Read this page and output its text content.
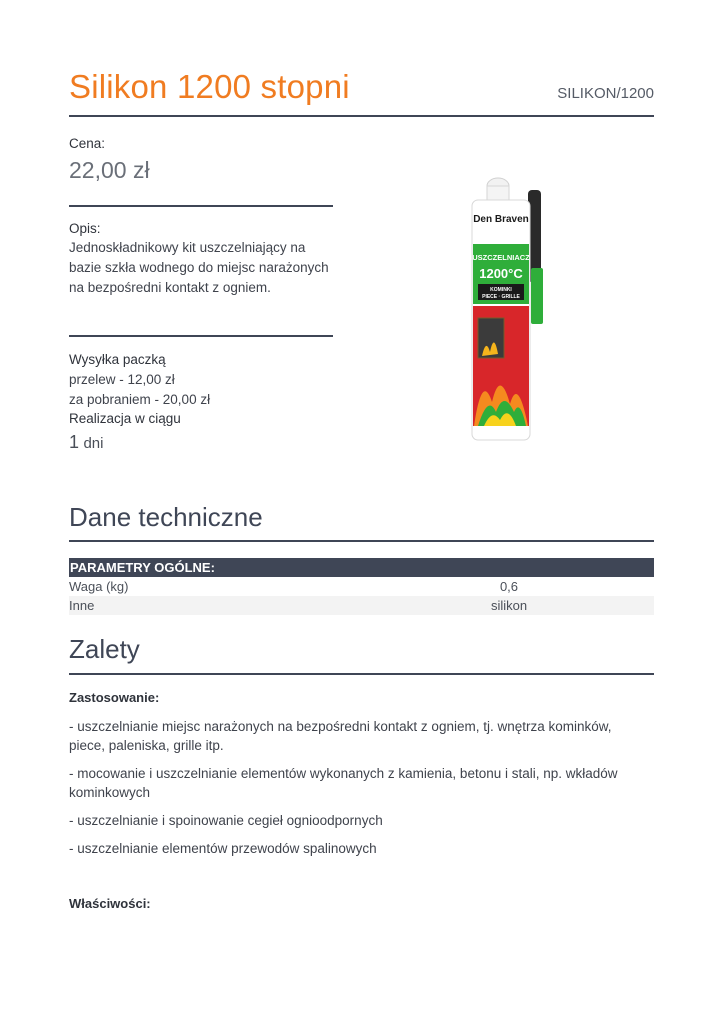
Silikon 1200 stopni	SILIKON/1200
Cena:
22,00 zł
Opis:
Jednoskładnikowy kit uszczelniający na
bazie szkła wodnego do miejsc narażonych
na bezpośredni kontakt z ogniem.
Wysyłka paczką
przelew - 12,00 zł
za pobraniem - 20,00 zł
Realizacja w ciągu
1 dni
Den Braven
USZCZELNIACZ
1200°C
KOMINKI
PIECE · GRILLE
Dane techniczne
PARAMETRY OGÓLNE:
Waga (kg)	0,6
Inne	silikon
Zalety
Zastosowanie:
- uszczelnianie miejsc narażonych na bezpośredni kontakt z ogniem, tj. wnętrza kominków, piece, paleniska, grille itp.
- mocowanie i uszczelnianie elementów wykonanych z kamienia, betonu i stali, np. wkładów kominkowych
- uszczelnianie i spoinowanie cegieł ognioodpornych
- uszczelnianie elementów przewodów spalinowych
Właściwości:
